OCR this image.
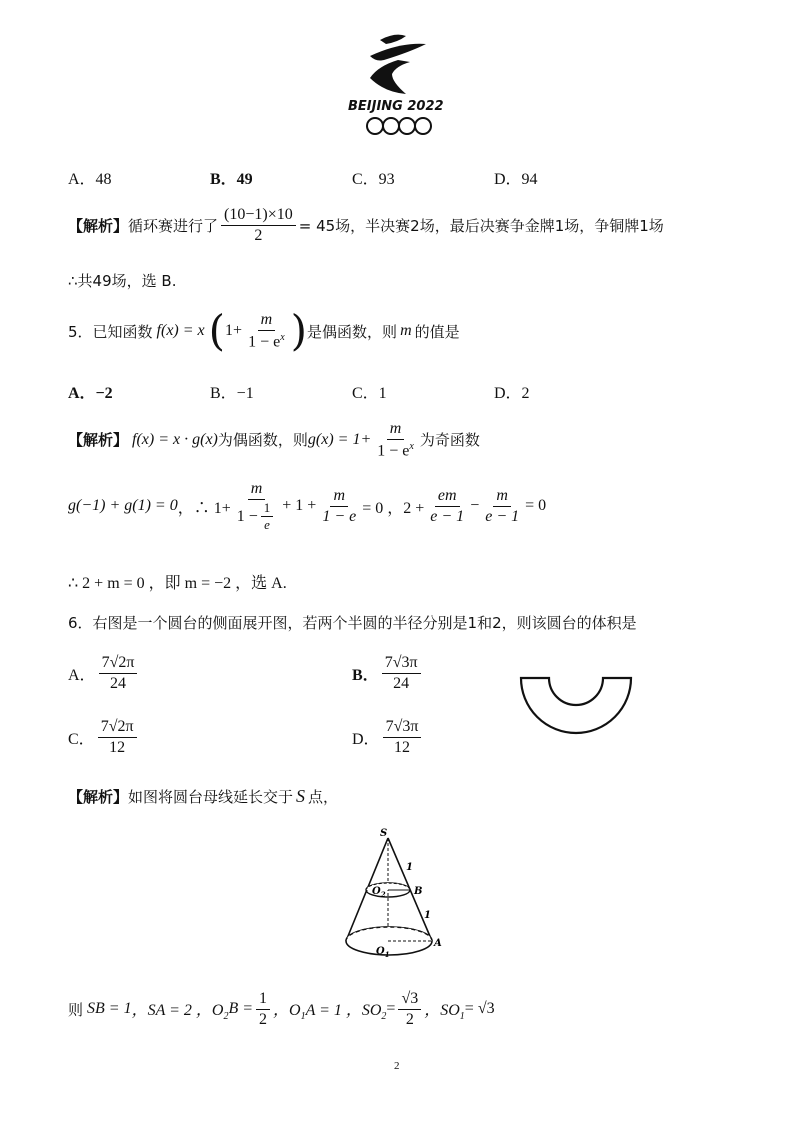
BEIJING 2022
A．48	B．49	C．93	D．94
【解析】 循环赛进行了 $\frac{(10-1)\times 10}{2} = 45$场，半决赛2场，最后决赛争金牌1场，争铜牌1场
∴共49场，选 B.
5．已知函数 f(x) = x ( $1+ \frac{m}{1 - e^x}$ ) 是偶函数，则 m 的值是
A．−2	B．−1	C．1	D．2
【解析】 f(x) = x · g(x) 为偶函数，则 $g(x) = 1+ \frac{m}{1 - e^x}$ 为奇函数
g(−1) + g(1) = 0 ，∴ $1+ \frac{m}{1 - \frac{1}{e}} + 1 + \frac{m}{1 - e} = 0$ ，$2 + \frac{em}{e - 1} - \frac{m}{e - 1} = 0$
∴ 2 + m = 0 ，即 m = −2 ，选 A.
6．右图是一个圆台的侧面展开图，若两个半圆的半径分别是1和2，则该圆台的体积是
A． $\frac{7√2\pi}{24}$	B． $\frac{7√3\pi}{24}$
C． $\frac{7√2\pi}{12}$	D． $\frac{7√3\pi}{12}$
【解析】 如图将圆台母线延长交于 S 点，
S
1
$O_2$	B
1
A
$O_1$
则 SB = 1 ，SA = 2 ，$O_2$ $B = \frac{1}{2}$ ，$O_1$ A = 1 ，$SO_2 = \frac{√3}{2}$ ，$SO_1 = √3$
2
